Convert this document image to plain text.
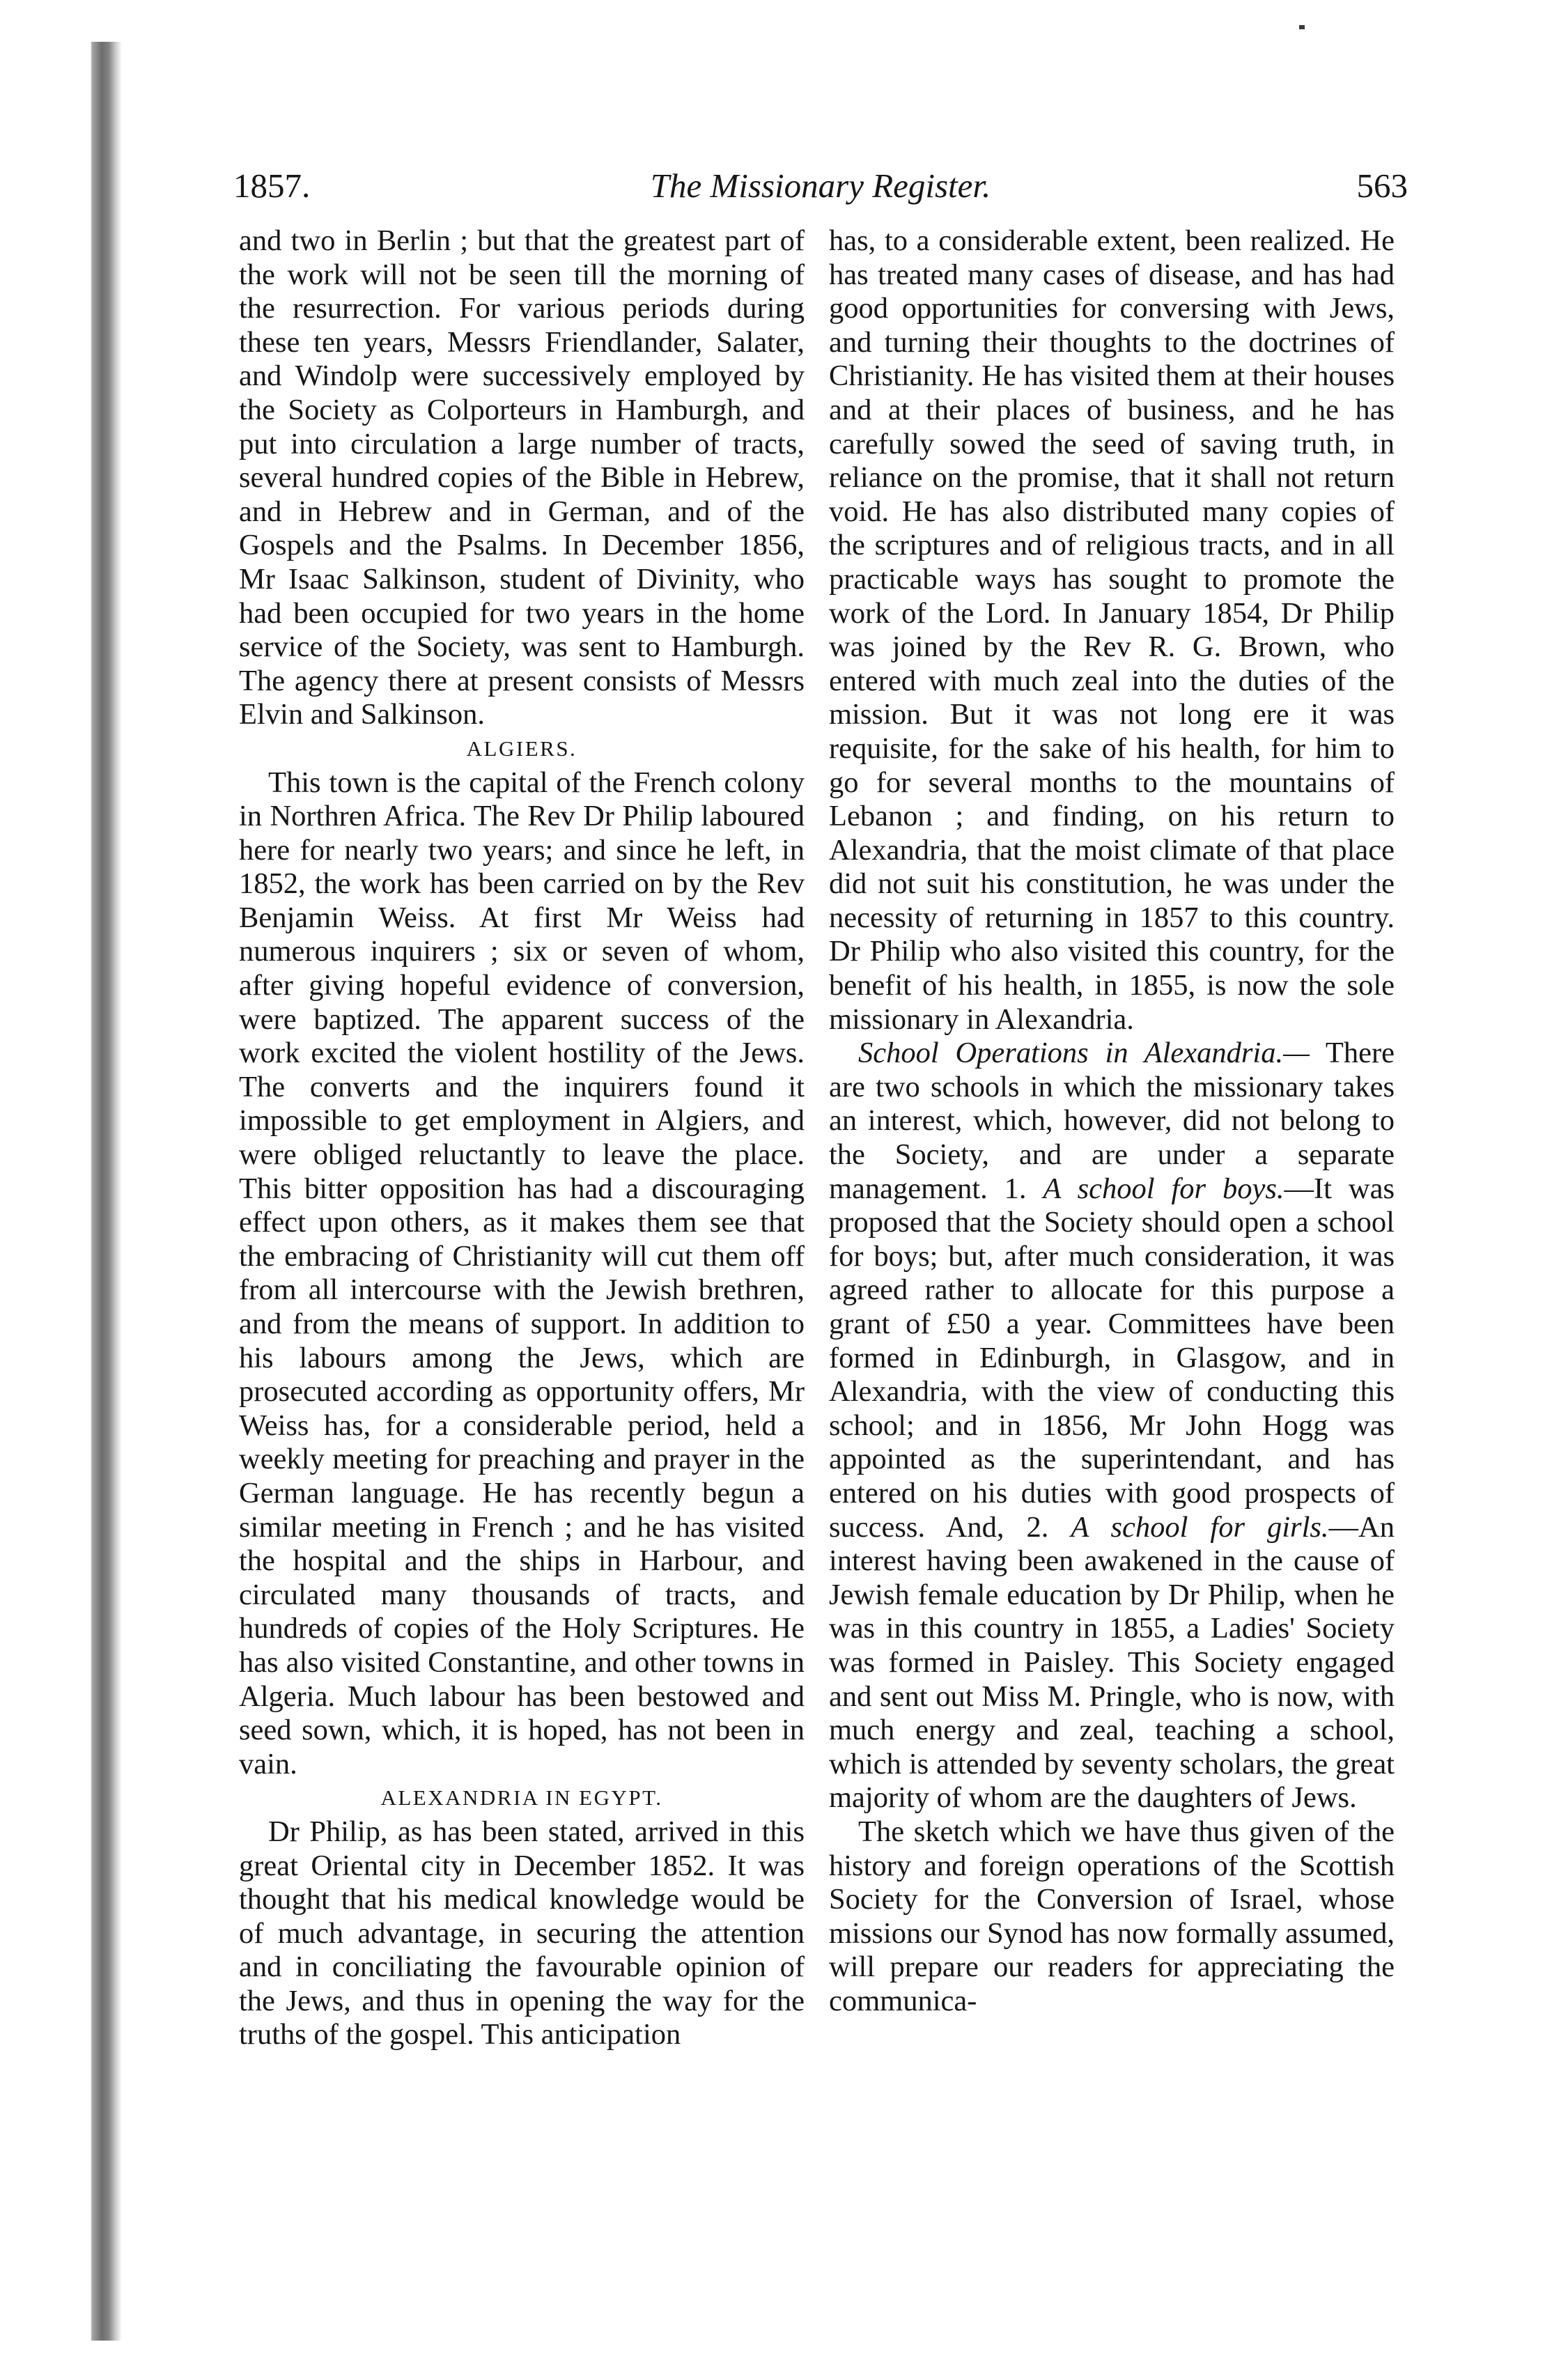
1857.	The Missionary Register.	563

and two in Berlin ; but that the greatest part of the work will not be seen till the morning of the resurrection. For various periods during these ten years, Messrs Friendlander, Salater, and Windolp were successively employed by the Society as Colporteurs in Hamburgh, and put into circulation a large number of tracts, several hundred copies of the Bible in Hebrew, and in Hebrew and in German, and of the Gospels and the Psalms. In December 1856, Mr Isaac Salkinson, student of Divinity, who had been occupied for two years in the home service of the Society, was sent to Hamburgh. The agency there at present consists of Messrs Elvin and Salkinson.

ALGIERS.

This town is the capital of the French colony in Northren Africa. The Rev Dr Philip laboured here for nearly two years; and since he left, in 1852, the work has been carried on by the Rev Benjamin Weiss. At first Mr Weiss had numerous inquirers ; six or seven of whom, after giving hopeful evidence of conversion, were baptized. The apparent success of the work excited the violent hostility of the Jews. The converts and the inquirers found it impossible to get employment in Algiers, and were obliged reluctantly to leave the place. This bitter opposition has had a discouraging effect upon others, as it makes them see that the embracing of Christianity will cut them off from all intercourse with the Jewish brethren, and from the means of support. In addition to his labours among the Jews, which are prosecuted according as opportunity offers, Mr Weiss has, for a considerable period, held a weekly meeting for preaching and prayer in the German language. He has recently begun a similar meeting in French ; and he has visited the hospital and the ships in Harbour, and circulated many thousands of tracts, and hundreds of copies of the Holy Scriptures. He has also visited Constantine, and other towns in Algeria. Much labour has been bestowed and seed sown, which, it is hoped, has not been in vain.

ALEXANDRIA IN EGYPT.

Dr Philip, as has been stated, arrived in this great Oriental city in December 1852. It was thought that his medical knowledge would be of much advantage, in securing the attention and in conciliating the favourable opinion of the Jews, and thus in opening the way for the truths of the gospel. This anticipation

has, to a considerable extent, been realized. He has treated many cases of disease, and has had good opportunities for conversing with Jews, and turning their thoughts to the doctrines of Christianity. He has visited them at their houses and at their places of business, and he has carefully sowed the seed of saving truth, in reliance on the promise, that it shall not return void. He has also distributed many copies of the scriptures and of religious tracts, and in all practicable ways has sought to promote the work of the Lord. In January 1854, Dr Philip was joined by the Rev R. G. Brown, who entered with much zeal into the duties of the mission. But it was not long ere it was requisite, for the sake of his health, for him to go for several months to the mountains of Lebanon ; and finding, on his return to Alexandria, that the moist climate of that place did not suit his constitution, he was under the necessity of returning in 1857 to this country. Dr Philip who also visited this country, for the benefit of his health, in 1855, is now the sole missionary in Alexandria.

School Operations in Alexandria.— There are two schools in which the missionary takes an interest, which, however, did not belong to the Society, and are under a separate management. 1. A school for boys.—It was proposed that the Society should open a school for boys; but, after much consideration, it was agreed rather to allocate for this purpose a grant of £50 a year. Committees have been formed in Edinburgh, in Glasgow, and in Alexandria, with the view of conducting this school; and in 1856, Mr John Hogg was appointed as the superintendant, and has entered on his duties with good prospects of success. And, 2. A school for girls.—An interest having been awakened in the cause of Jewish female education by Dr Philip, when he was in this country in 1855, a Ladies' Society was formed in Paisley. This Society engaged and sent out Miss M. Pringle, who is now, with much energy and zeal, teaching a school, which is attended by seventy scholars, the great majority of whom are the daughters of Jews.

The sketch which we have thus given of the history and foreign operations of the Scottish Society for the Conversion of Israel, whose missions our Synod has now formally assumed, will prepare our readers for appreciating the communica-
